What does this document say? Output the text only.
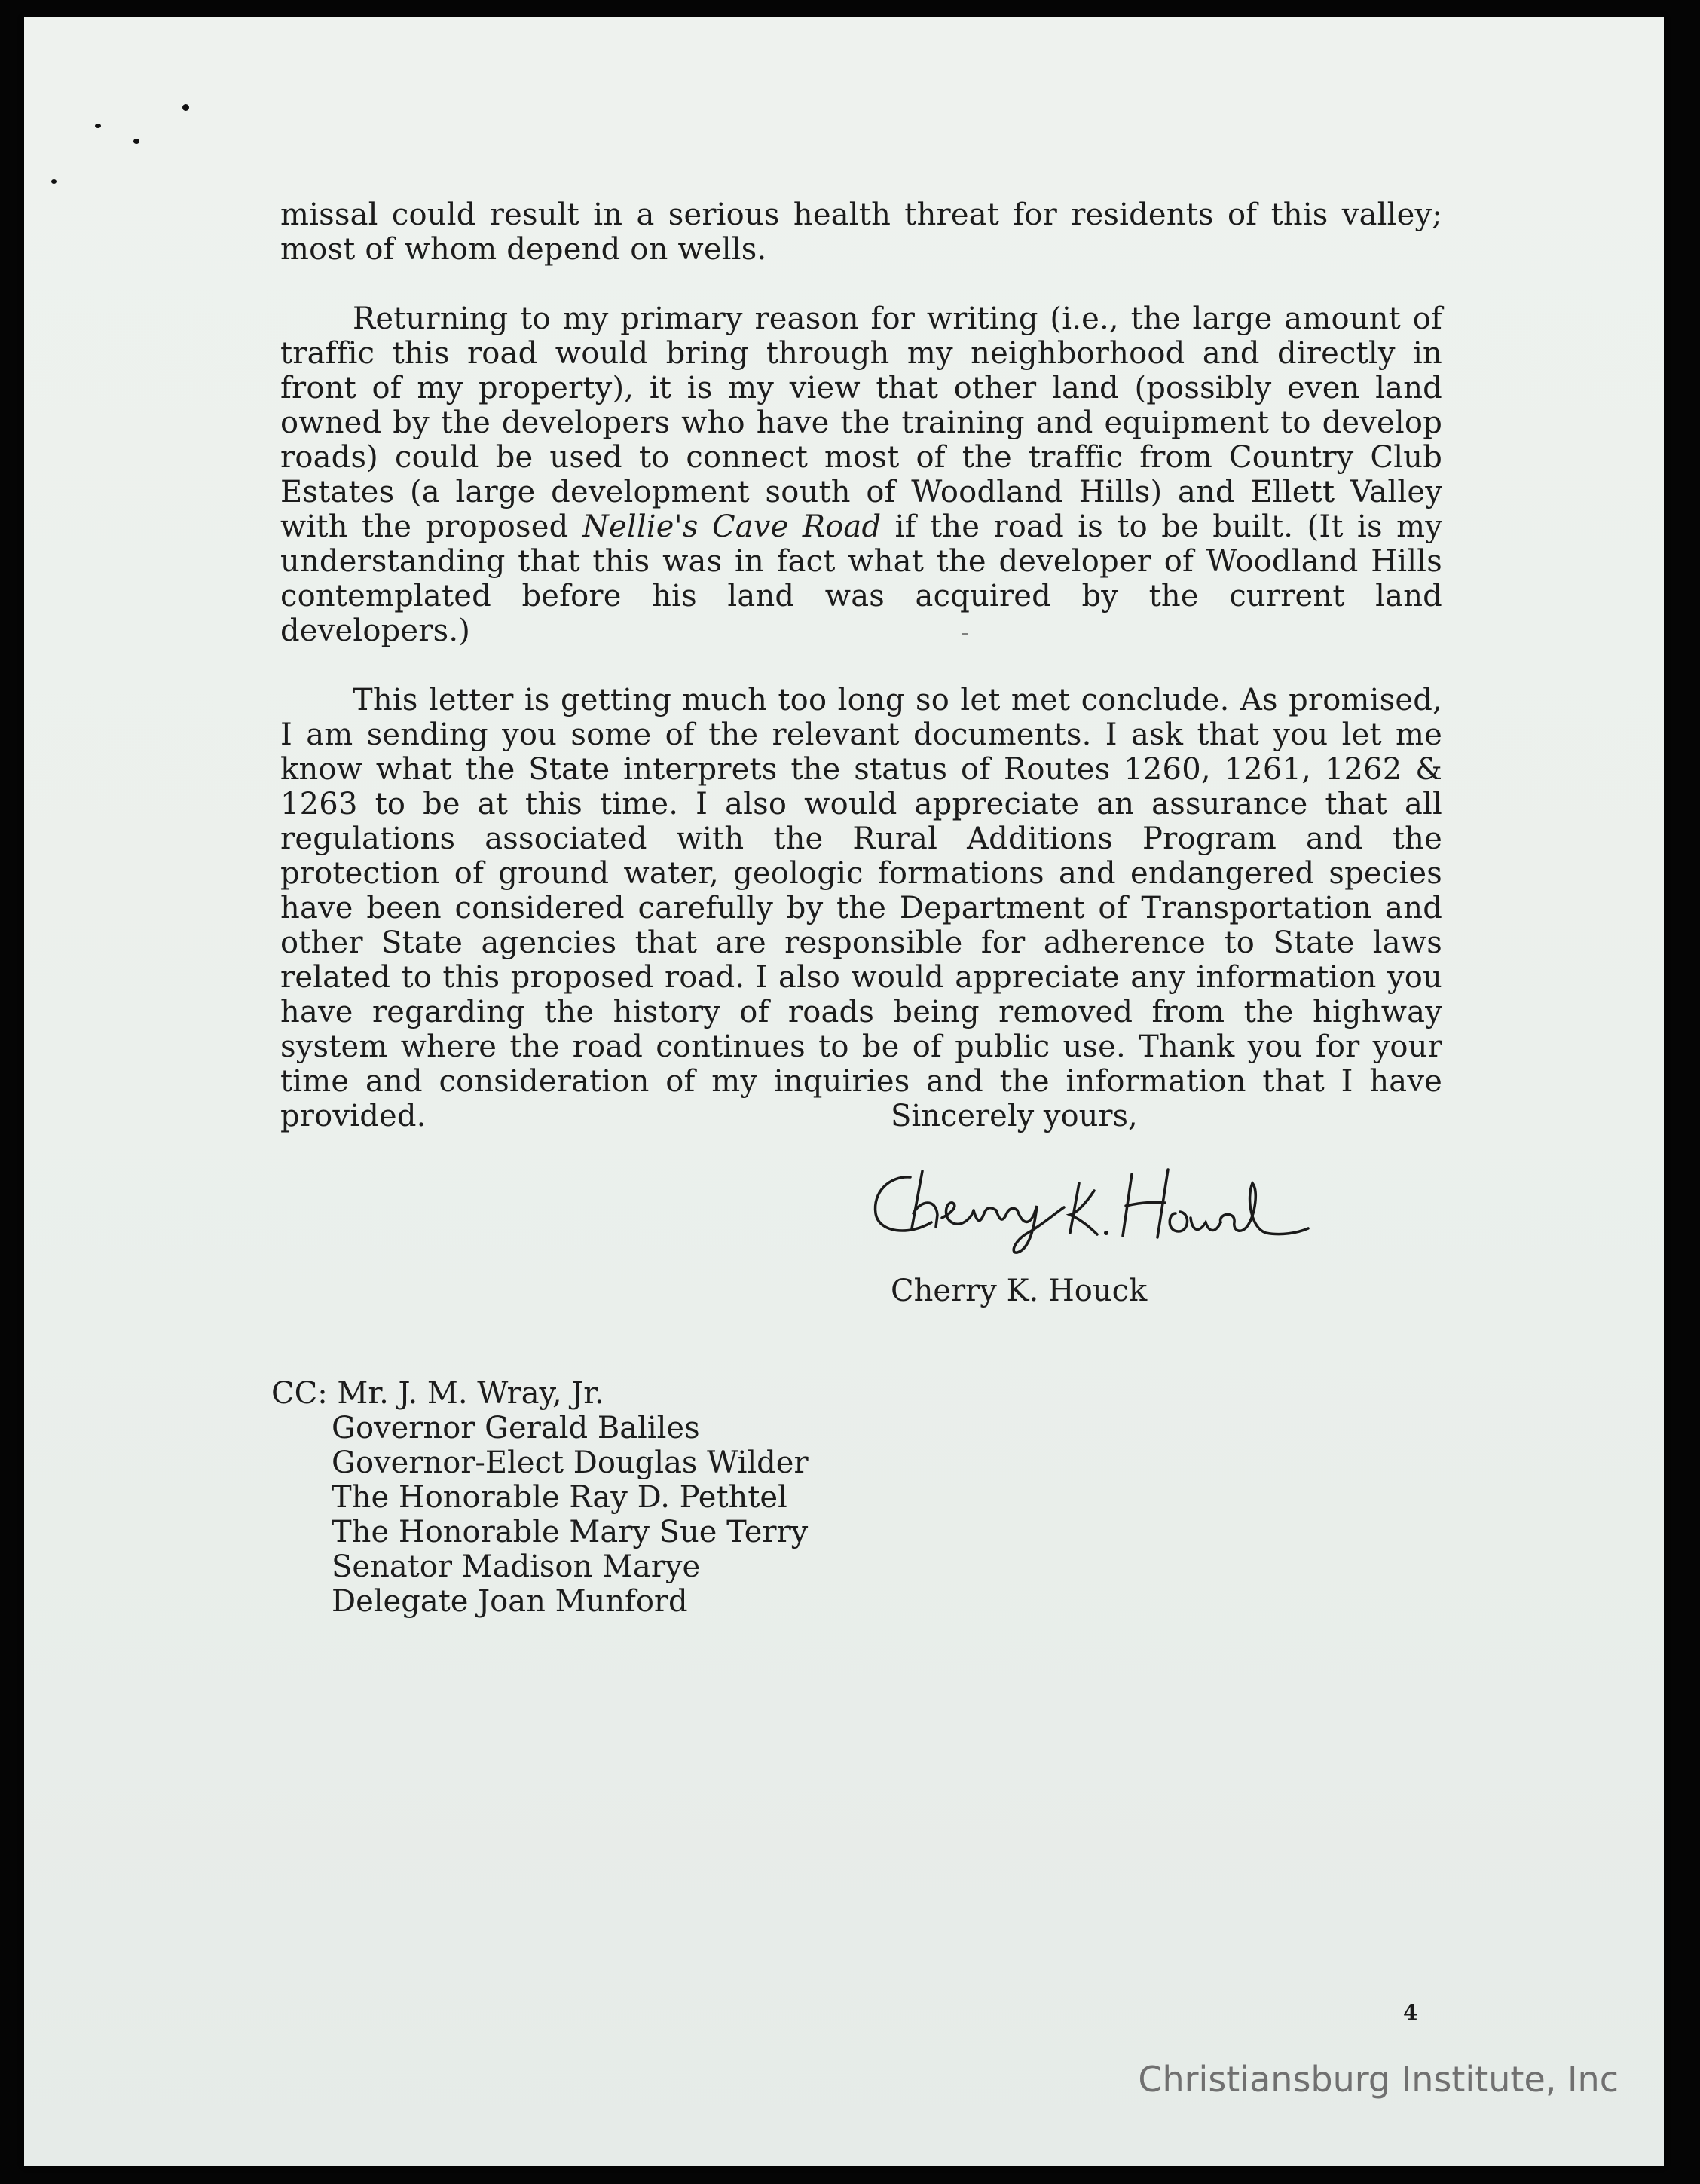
missal could result in a serious health threat for residents of this valley; most of whom depend on wells.

Returning to my primary reason for writing (i.e., the large amount of traffic this road would bring through my neighborhood and directly in front of my property), it is my view that other land (possibly even land owned by the developers who have the training and equipment to develop roads) could be used to connect most of the traffic from Country Club Estates (a large development south of Woodland Hills) and Ellett Valley with the proposed Nellie's Cave Road if the road is to be built. (It is my understanding that this was in fact what the developer of Woodland Hills contemplated before his land was acquired by the current land developers.)

This letter is getting much too long so let met conclude. As promised, I am sending you some of the relevant documents. I ask that you let me know what the State interprets the status of Routes 1260, 1261, 1262 & 1263 to be at this time. I also would appreciate an assurance that all regulations associated with the Rural Additions Program and the protection of ground water, geologic formations and endangered species have been considered carefully by the Department of Transportation and other State agencies that are responsible for adherence to State laws related to this proposed road. I also would appreciate any information you have regarding the history of roads being removed from the highway system where the road continues to be of public use. Thank you for your time and consideration of my inquiries and the information that I have provided.	Sincerely yours,
Cherry K. Houck
CC: Mr. J. M. Wray, Jr.
Governor Gerald Baliles
Governor-Elect Douglas Wilder
The Honorable Ray D. Pethtel
The Honorable Mary Sue Terry
Senator Madison Marye
Delegate Joan Munford
4
Christiansburg Institute, Inc
